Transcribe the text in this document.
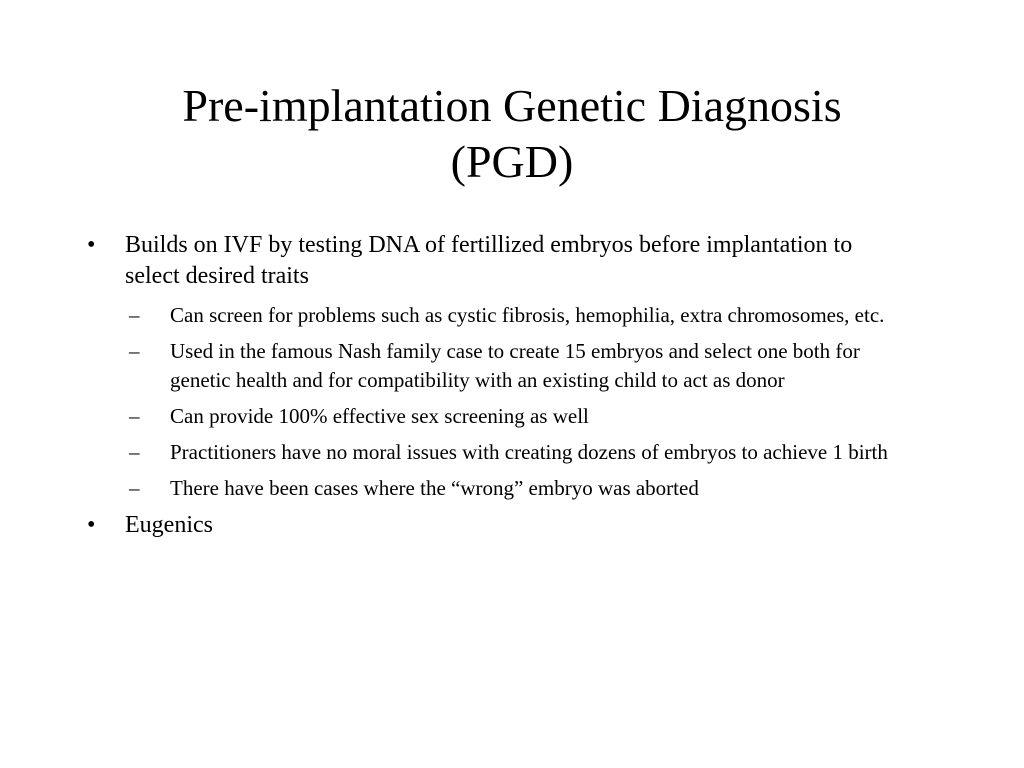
Pre-implantation Genetic Diagnosis
(PGD)
• Builds on IVF by testing DNA of fertillized embryos before implantation to select desired traits
– Can screen for problems such as cystic fibrosis, hemophilia, extra chromosomes, etc.
– Used in the famous Nash family case to create 15 embryos and select one both for genetic health and for compatibility with an existing child to act as donor
– Can provide 100% effective sex screening as well
– Practitioners have no moral issues with creating dozens of embryos to achieve 1 birth
– There have been cases where the “wrong” embryo was aborted
• Eugenics
